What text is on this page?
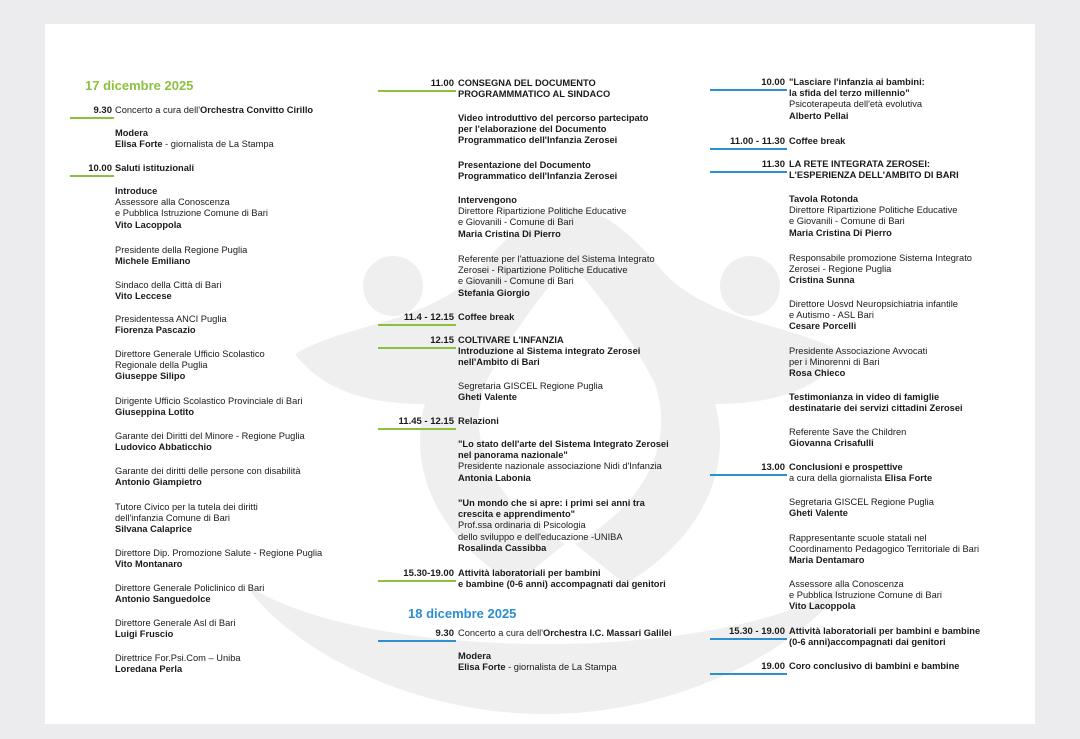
17 dicembre 2025
9.30 Concerto a cura dell'Orchestra Convitto Cirillo
Modera
Elisa Forte - giornalista de La Stampa
10.00 Saluti istituzionali
Introduce
Assessore alla Conoscenza
e Pubblica Istruzione Comune di Bari
Vito Lacoppola
Presidente della Regione Puglia
Michele Emiliano
Sindaco della Città di Bari
Vito Leccese
Presidentessa ANCI Puglia
Fiorenza Pascazio
Direttore Generale Ufficio Scolastico
Regionale della Puglia
Giuseppe Silipo
Dirigente Ufficio Scolastico Provinciale di Bari
Giuseppina Lotito
Garante dei Diritti del Minore - Regione Puglia
Ludovico Abbaticchio
Garante dei diritti delle persone con disabilità
Antonio Giampietro
Tutore Civico per la tutela dei diritti
dell'infanzia Comune di Bari
Silvana Calaprice
Direttore Dip. Promozione Salute - Regione Puglia
Vito Montanaro
Direttore Generale Policlinico di Bari
Antonio Sanguedolce
Direttore Generale Asl di Bari
Luigi Fruscio
Direttrice For.Psi.Com – Uniba
Loredana Perla
11.00 CONSEGNA DEL DOCUMENTO
PROGRAMMMATICO AL SINDACO
Video introduttivo del percorso partecipato
per l'elaborazione del Documento
Programmatico dell'Infanzia Zerosei
Presentazione del Documento
Programmatico dell'Infanzia Zerosei
Intervengono
Direttore Ripartizione Politiche Educative
e Giovanili - Comune di Bari
Maria Cristina Di Pierro
Referente per l'attuazione del Sistema Integrato
Zerosei - Ripartizione Politiche Educative
e Giovanili - Comune di Bari
Stefania Giorgio
11.4 - 12.15 Coffee break
12.15 COLTIVARE L'INFANZIA
Introduzione al Sistema integrato Zerosei
nell'Ambito di Bari
Segretaria GISCEL Regione Puglia
Gheti Valente
11.45 - 12.15 Relazioni
"Lo stato dell'arte del Sistema Integrato Zerosei
nel panorama nazionale"
Presidente nazionale associazione Nidi d'Infanzia
Antonia Labonia
"Un mondo che si apre: i primi sei anni tra
crescita e apprendimento"
Prof.ssa ordinaria di Psicologia
dello sviluppo e dell'educazione -UNIBA
Rosalinda Cassibba
15.30-19.00 Attività laboratoriali per bambini
e bambine (0-6 anni) accompagnati dai genitori
18 dicembre 2025
9.30 Concerto a cura dell'Orchestra I.C. Massari Galilei
Modera
Elisa Forte - giornalista de La Stampa
10.00 "Lasciare l'infanzia ai bambini:
la sfida del terzo millennio"
Psicoterapeuta dell'età evolutiva
Alberto Pellai
11.00 - 11.30 Coffee break
11.30 LA RETE INTEGRATA ZEROSEI:
L'ESPERIENZA DELL'AMBITO DI BARI
Tavola Rotonda
Direttore Ripartizione Politiche Educative
e Giovanili - Comune di Bari
Maria Cristina Di Pierro
Responsabile promozione Sistema Integrato
Zerosei - Regione Puglia
Cristina Sunna
Direttore Uosvd Neuropsichiatria infantile
e Autismo - ASL Bari
Cesare Porcelli
Presidente Associazione Avvocati
per i Minorenni di Bari
Rosa Chieco
Testimonianza in video di famiglie
destinatarie dei servizi cittadini Zerosei
Referente Save the Children
Giovanna Crisafulli
13.00 Conclusioni e prospettive
a cura della giornalista Elisa Forte
Segretaria GISCEL Regione Puglia
Gheti Valente
Rappresentante scuole statali nel
Coordinamento Pedagogico Territoriale di Bari
Maria Dentamaro
Assessore alla Conoscenza
e Pubblica Istruzione Comune di Bari
Vito Lacoppola
15.30 - 19.00 Attività laboratoriali per bambini e bambine
(0-6 anni)accompagnati dai genitori
19.00 Coro conclusivo di bambini e bambine
